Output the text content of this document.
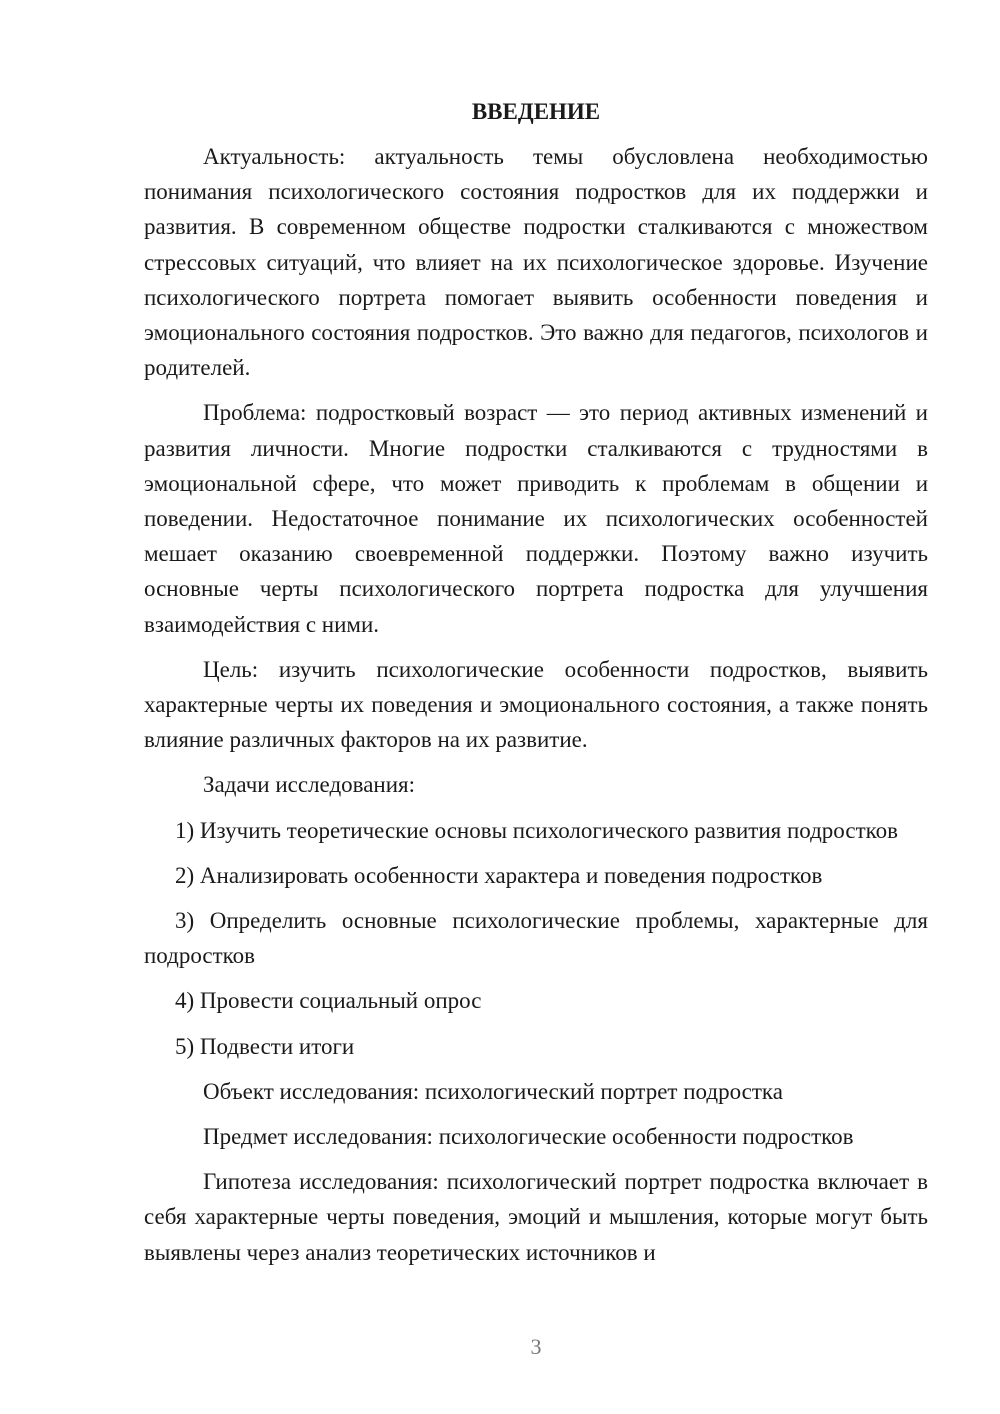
ВВЕДЕНИЕ

Актуальность: актуальность темы обусловлена необходимостью понимания психологического состояния подростков для их поддержки и развития. В современном обществе подростки сталкиваются с множеством стрессовых ситуаций, что влияет на их психологическое здоровье. Изучение психологического портрета помогает выявить особенности поведения и эмоционального состояния подростков. Это важно для педагогов, психологов и родителей.

Проблема: подростковый возраст — это период активных изменений и развития личности. Многие подростки сталкиваются с трудностями в эмоциональной сфере, что может приводить к проблемам в общении и поведении. Недостаточное понимание их психологических особенностей мешает оказанию своевременной поддержки. Поэтому важно изучить основные черты психологического портрета подростка для улучшения взаимодействия с ними.

Цель: изучить психологические особенности подростков, выявить характерные черты их поведения и эмоционального состояния, а также понять влияние различных факторов на их развитие.

Задачи исследования:

1) Изучить теоретические основы психологического развития подростков

2) Анализировать особенности характера и поведения подростков

3) Определить основные психологические проблемы, характерные для подростков

4) Провести социальный опрос

5) Подвести итоги

Объект исследования: психологический портрет подростка

Предмет исследования: психологические особенности подростков

Гипотеза исследования: психологический портрет подростка включает в себя характерные черты поведения, эмоций и мышления, которые могут быть выявлены через анализ теоретических источников и

3
